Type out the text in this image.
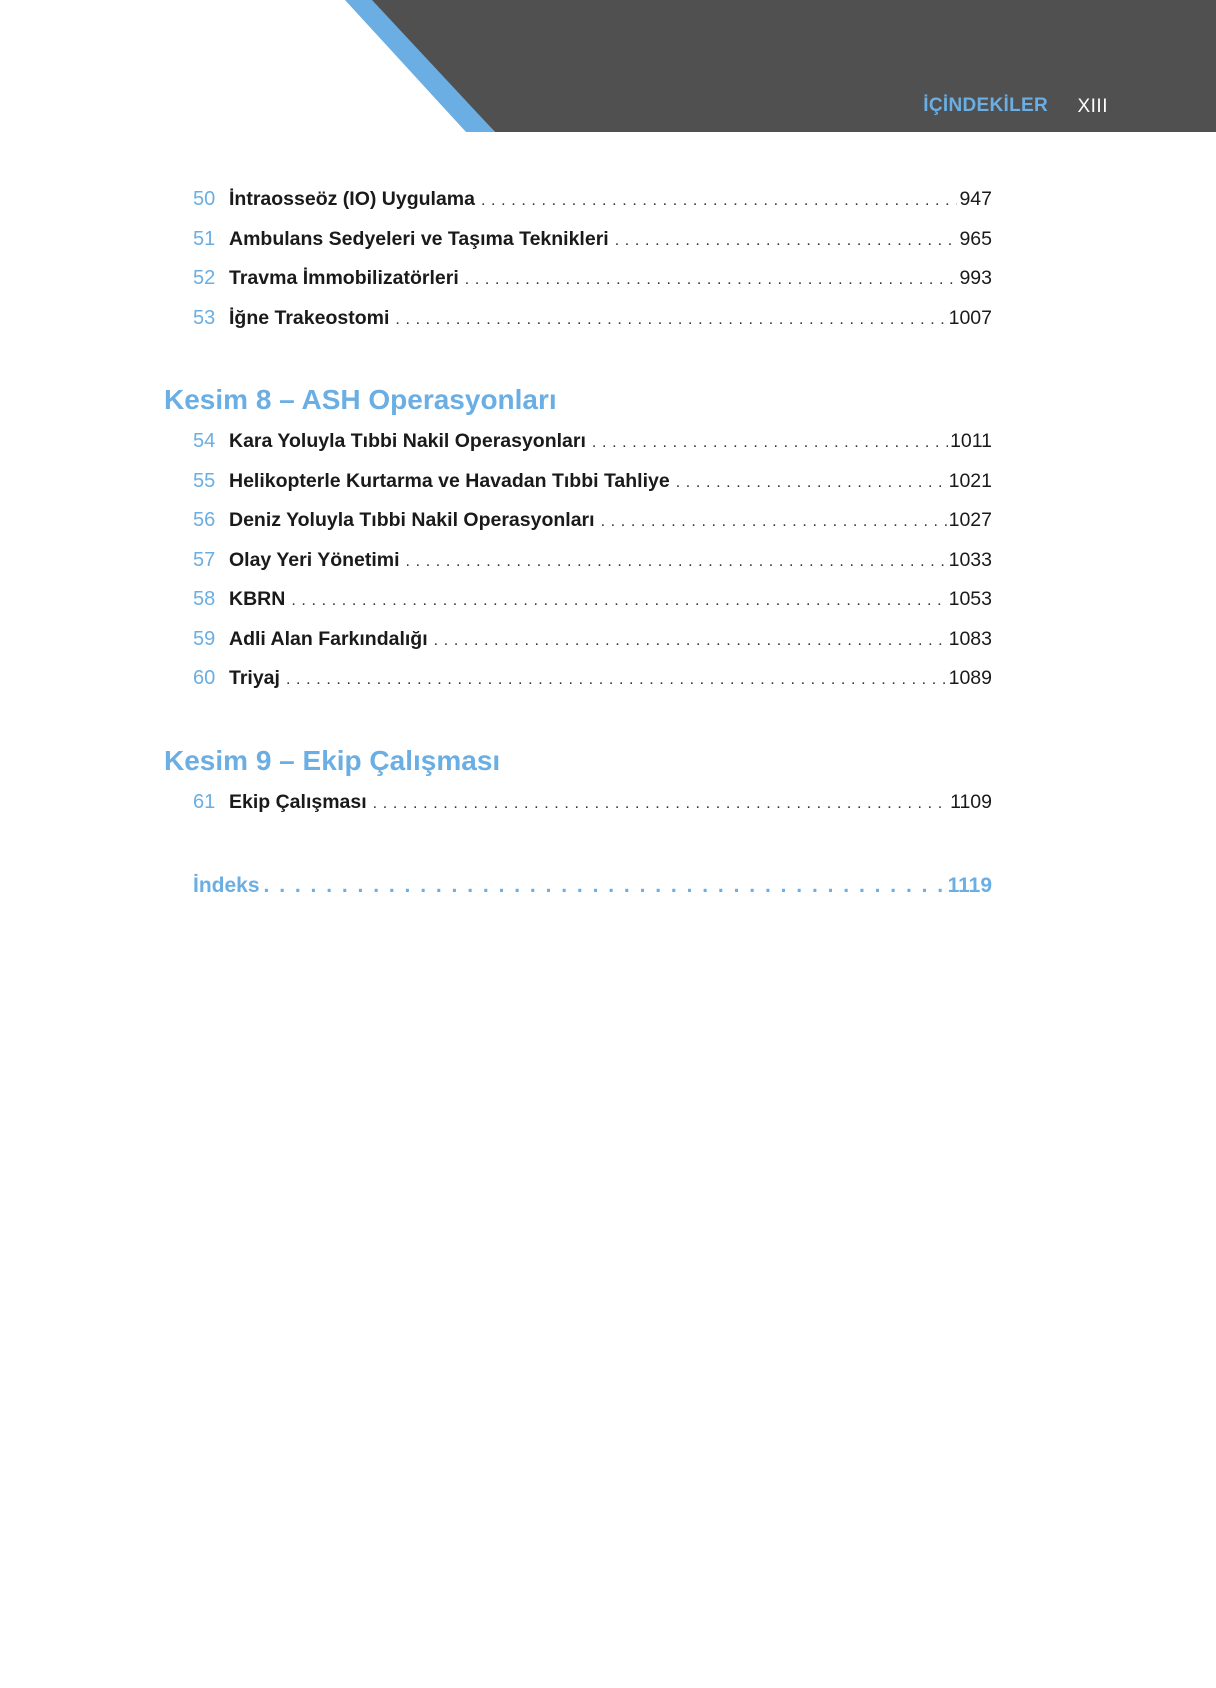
İÇİNDEKİLER XIII
50 İntraosseöz (IO) Uygulama . . .	947
51 Ambulans Sedyeleri ve Taşıma Teknikleri . . .	965
52 Travma İmmobilizatörleri . . .	993
53 İğne Trakeostomi . . .	1007
Kesim 8 – ASH Operasyonları
54 Kara Yoluyla Tıbbi Nakil Operasyonları . . .	1011
55 Helikopterle Kurtarma ve Havadan Tıbbi Tahliye . . .	1021
56 Deniz Yoluyla Tıbbi Nakil Operasyonları . . .	1027
57 Olay Yeri Yönetimi . . .	1033
58 KBRN . . .	1053
59 Adli Alan Farkındalığı . . .	1083
60 Triyaj . . .	1089
Kesim 9 – Ekip Çalışması
61 Ekip Çalışması . . .	1109
İndeks . . .	1119
